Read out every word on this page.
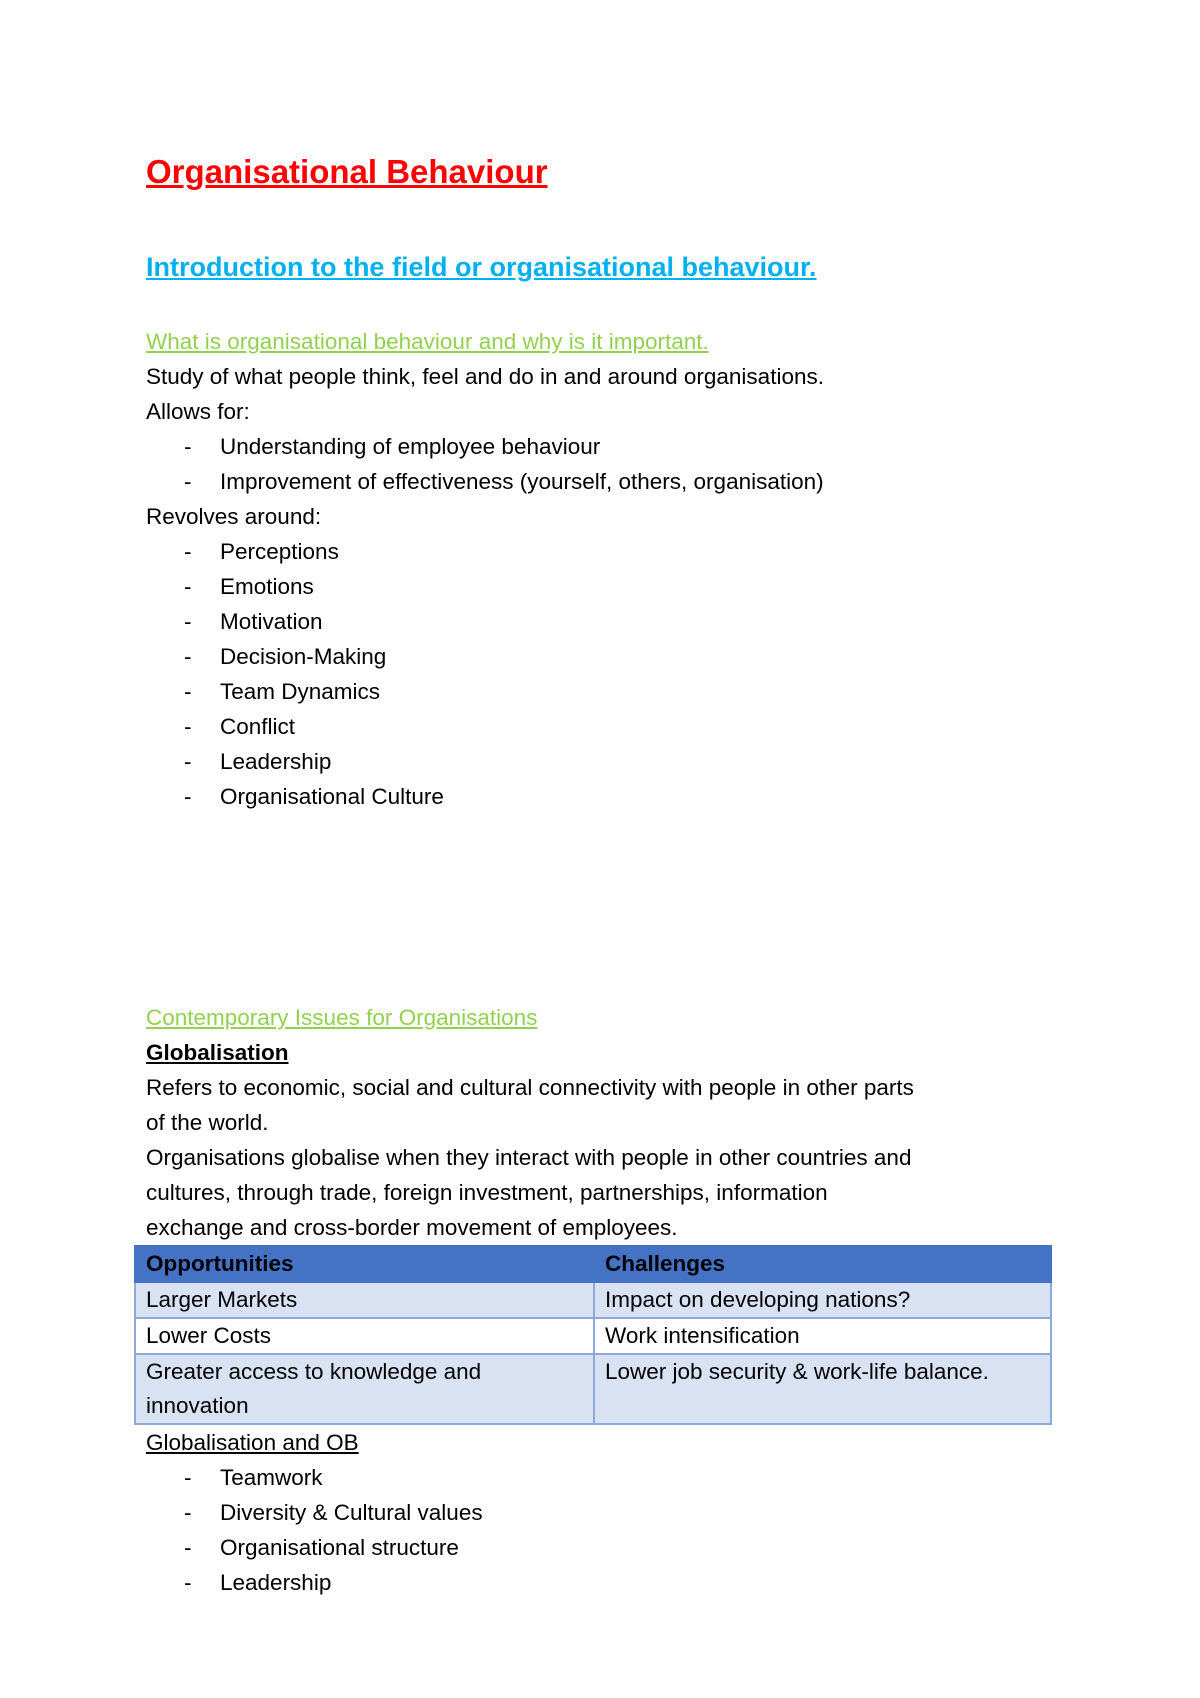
Organisational Behaviour
Introduction to the field or organisational behaviour.
What is organisational behaviour and why is it important.
Study of what people think, feel and do in and around organisations.
Allows for:
- Understanding of employee behaviour
- Improvement of effectiveness (yourself, others, organisation)
Revolves around:
- Perceptions
- Emotions
- Motivation
- Decision-Making
- Team Dynamics
- Conflict
- Leadership
- Organisational Culture
Contemporary Issues for Organisations
Globalisation
Refers to economic, social and cultural connectivity with people in other parts
of the world.
Organisations globalise when they interact with people in other countries and
cultures, through trade, foreign investment, partnerships, information
exchange and cross-border movement of employees.
Opportunities	Challenges
Larger Markets	Impact on developing nations?
Lower Costs	Work intensification
Greater access to knowledge and innovation	Lower job security & work-life balance.
Globalisation and OB
- Teamwork
- Diversity & Cultural values
- Organisational structure
- Leadership
